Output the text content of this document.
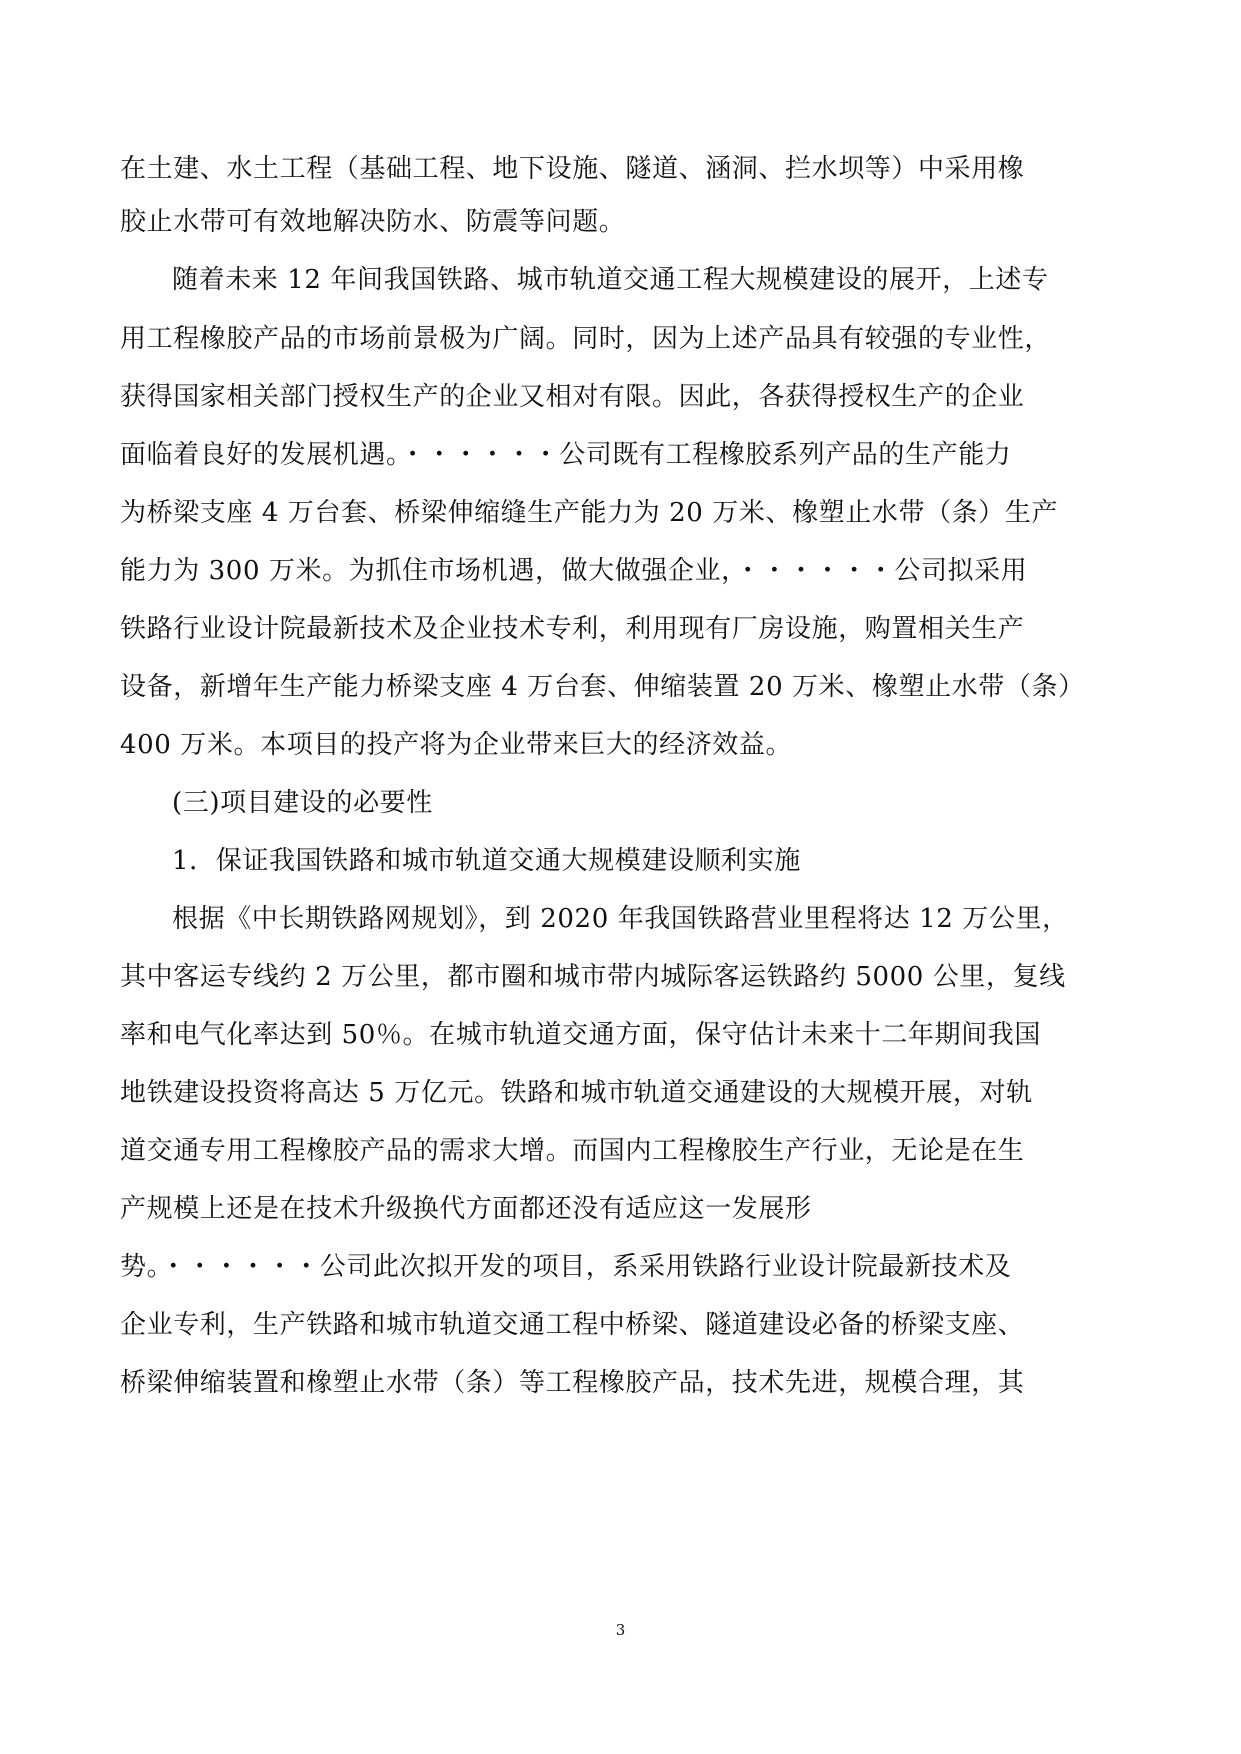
在土建、水土工程（基础工程、地下设施、隧道、涵洞、拦水坝等）中采用橡
胶止水带可有效地解决防水、防震等问题。
随着未来 12 年间我国铁路、城市轨道交通工程大规模建设的展开，上述专
用工程橡胶产品的市场前景极为广阔。同时，因为上述产品具有较强的专业性，
获得国家相关部门授权生产的企业又相对有限。因此，各获得授权生产的企业
面临着良好的发展机遇。・・・・・・公司既有工程橡胶系列产品的生产能力
为桥梁支座 4 万台套、桥梁伸缩缝生产能力为 20 万米、橡塑止水带（条）生产
能力为 300 万米。为抓住市场机遇，做大做强企业，・・・・・・公司拟采用
铁路行业设计院最新技术及企业技术专利，利用现有厂房设施，购置相关生产
设备，新增年生产能力桥梁支座 4 万台套、伸缩装置 20 万米、橡塑止水带（条）
400 万米。本项目的投产将为企业带来巨大的经济效益。
(三)项目建设的必要性
1．保证我国铁路和城市轨道交通大规模建设顺利实施
根据《中长期铁路网规划》，到 2020 年我国铁路营业里程将达 12 万公里，
其中客运专线约 2 万公里，都市圈和城市带内城际客运铁路约 5000 公里，复线
率和电气化率达到 50％。在城市轨道交通方面，保守估计未来十二年期间我国
地铁建设投资将高达 5 万亿元。铁路和城市轨道交通建设的大规模开展，对轨
道交通专用工程橡胶产品的需求大增。而国内工程橡胶生产行业，无论是在生
产规模上还是在技术升级换代方面都还没有适应这一发展形
势。・・・・・・公司此次拟开发的项目，系采用铁路行业设计院最新技术及
企业专利，生产铁路和城市轨道交通工程中桥梁、隧道建设必备的桥梁支座、
桥梁伸缩装置和橡塑止水带（条）等工程橡胶产品，技术先进，规模合理，其
3
